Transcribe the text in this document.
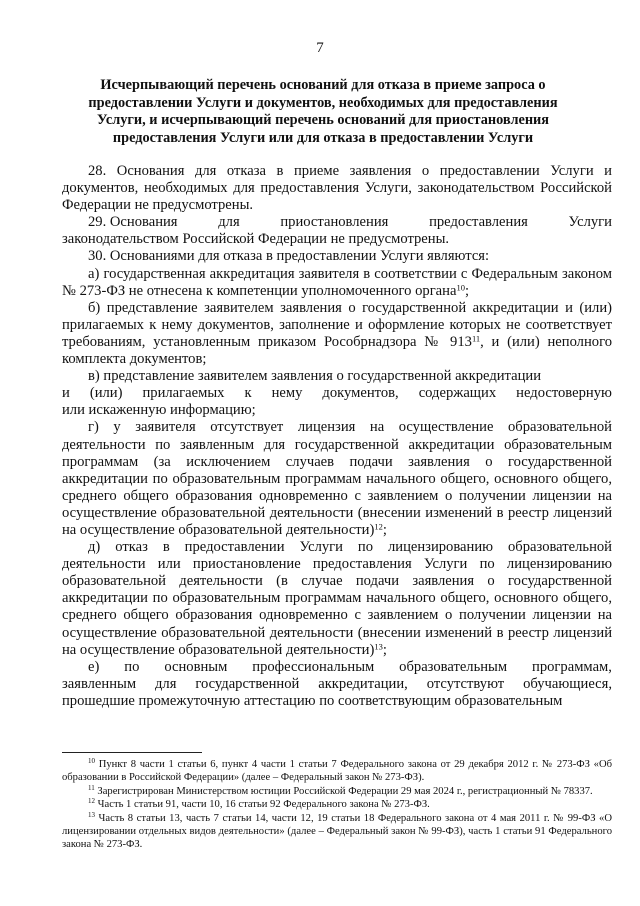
7
Исчерпывающий перечень оснований для отказа в приеме запроса о предоставлении Услуги и документов, необходимых для предоставления Услуги, и исчерпывающий перечень оснований для приостановления предоставления Услуги или для отказа в предоставлении Услуги

28. Основания для отказа в приеме заявления о предоставлении Услуги и документов, необходимых для предоставления Услуги, законодательством Российской Федерации не предусмотрены.

29. Основания	для	приостановления	предоставления	Услуги
законодательством Российской Федерации не предусмотрены.

30. Основаниями для отказа в предоставлении Услуги являются:

а) государственная аккредитация заявителя в соответствии с Федеральным законом № 273-ФЗ не отнесена к компетенции уполномоченного органа$^{10}$;

б) представление заявителем заявления о государственной аккредитации и (или) прилагаемых к нему документов, заполнение и оформление которых не соответствует требованиям, установленным приказом Рособрнадзора № $913^{11}$, и (или) неполного комплекта документов;

в) представление заявителем заявления о государственной аккредитации
и (или) прилагаемых к нему документов, содержащих недостоверную
или искаженную информацию;

г) у заявителя отсутствует лицензия на осуществление образовательной деятельности по заявленным для государственной аккредитации образовательным программам (за исключением случаев подачи заявления о государственной аккредитации по образовательным программам начального общего, основного общего, среднего общего образования одновременно с заявлением о получении лицензии на осуществление образовательной деятельности (внесении изменений в реестр лицензий на осуществление образовательной деятельности)$^{12}$;

д) отказ в предоставлении Услуги по лицензированию образовательной деятельности или приостановление предоставления Услуги по лицензированию образовательной деятельности (в случае подачи заявления о государственной аккредитации по образовательным программам начального общего, основного общего, среднего общего образования одновременно с заявлением о получении лицензии на осуществление образовательной деятельности (внесении изменений в реестр лицензий на осуществление образовательной деятельности)$^{13}$;

е) по основным профессиональным образовательным программам,
заявленным для государственной аккредитации, отсутствуют обучающиеся, прошедшие промежуточную аттестацию по соответствующим образовательным

$^{10}$ Пункт 8 части 1 статьи 6, пункт 4 части 1 статьи 7 Федерального закона от 29 декабря 2012 г. № 273-ФЗ «Об образовании в Российской Федерации» (далее – Федеральный закон № 273-ФЗ).

$^{11}$ Зарегистрирован Министерством юстиции Российской Федерации 29 мая 2024 г., регистрационный № 78337.

$^{12}$ Часть 1 статьи 91, части 10, 16 статьи 92 Федерального закона № 273-ФЗ.

$^{13}$ Часть 8 статьи 13, часть 7 статьи 14, части 12, 19 статьи 18 Федерального закона от 4 мая 2011 г. № 99-ФЗ «О лицензировании отдельных видов деятельности» (далее – Федеральный закон № 99-ФЗ), часть 1 статьи 91 Федерального закона № 273-ФЗ.
